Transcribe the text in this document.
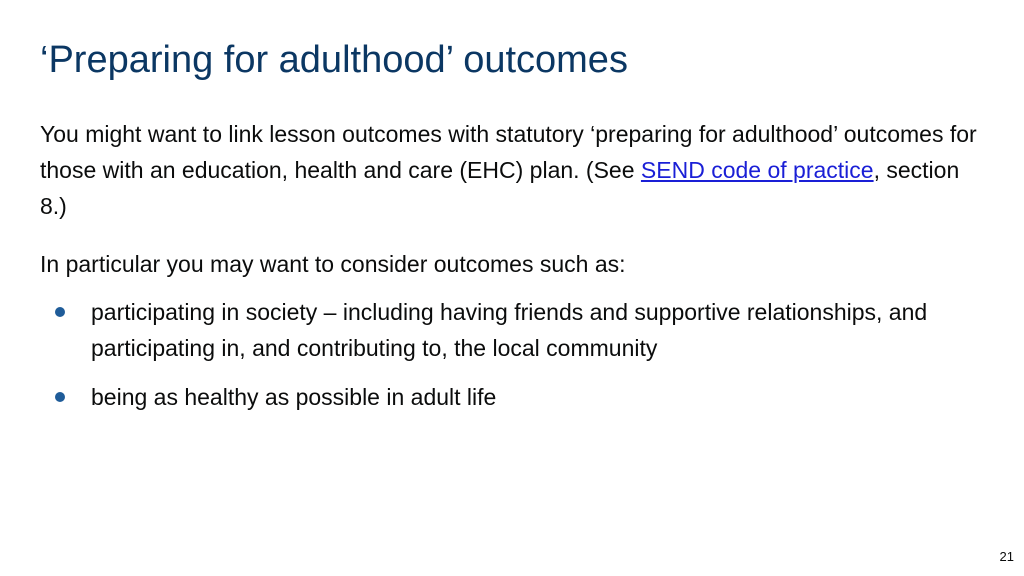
‘Preparing for adulthood’ outcomes

You might want to link lesson outcomes with statutory ‘preparing for adulthood’ outcomes for those with an education, health and care (EHC) plan. (See SEND code of practice, section 8.)

In particular you may want to consider outcomes such as:

participating in society – including having friends and supportive relationships, and participating in, and contributing to, the local community
being as healthy as possible in adult life
21
